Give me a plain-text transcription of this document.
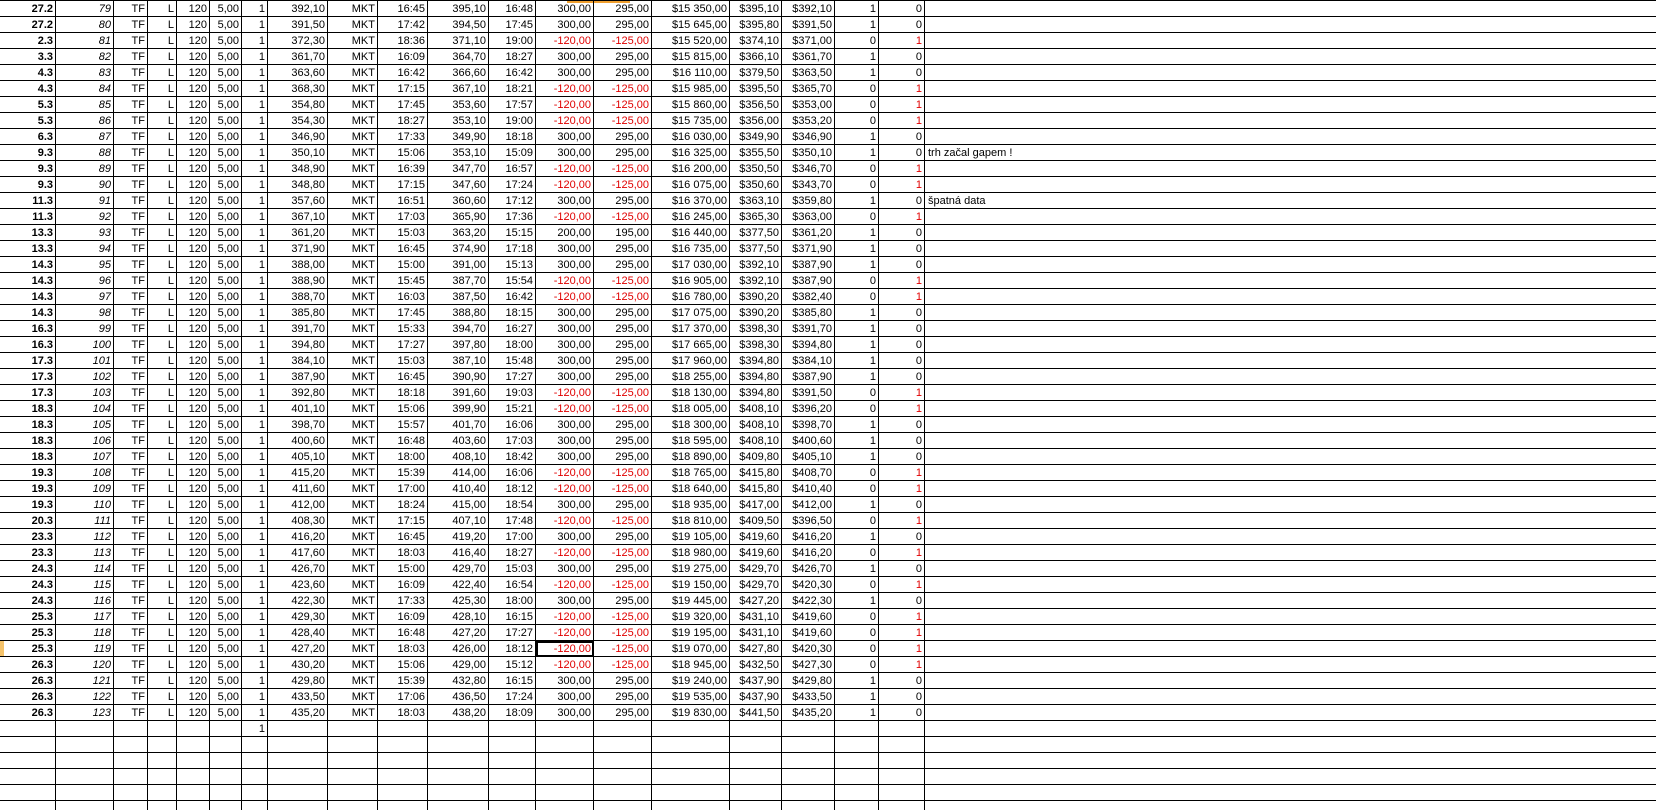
27.2	79	TF	L	120 5,00	1	392,10	MKT	16:45	395,10	16:48	300,00	295,00	$15 350,00	$395,10	$392,10	1	0
27.2	80	TF	L	120 5,00	1	391,50	MKT	17:42	394,50	17:45	300,00	295,00	$15 645,00	$395,80	$391,50	1	0
2.3	81	TF	L	120 5,00	1	372,30	MKT	18:36	371,10	19:00	-120,00	-125,00	$15 520,00	$374,10	$371,00	0	1
3.3	82	TF	L	120 5,00	1	361,70	MKT	16:09	364,70	18:27	300,00	295,00	$15 815,00	$366,10	$361,70	1	0
4.3	83	TF	L	120 5,00	1	363,60	MKT	16:42	366,60	16:42	300,00	295,00	$16 110,00	$379,50	$363,50	1	0
4.3	84	TF	L	120 5,00	1	368,30	MKT	17:15	367,10	18:21	-120,00	-125,00	$15 985,00	$395,50	$365,70	0	1
5.3	85	TF	L	120 5,00	1	354,80	MKT	17:45	353,60	17:57	-120,00	-125,00	$15 860,00	$356,50	$353,00	0	1
5.3	86	TF	L	120 5,00	1	354,30	MKT	18:27	353,10	19:00	-120,00	-125,00	$15 735,00	$356,00	$353,20	0	1
6.3	87	TF	L	120 5,00	1	346,90	MKT	17:33	349,90	18:18	300,00	295,00	$16 030,00	$349,90	$346,90	1	0
9.3	88	TF	L	120 5,00	1	350,10	MKT	15:06	353,10	15:09	300,00	295,00	$16 325,00	$355,50	$350,10	1	0 trh začal gapem !
9.3	89	TF	L	120 5,00	1	348,90	MKT	16:39	347,70	16:57	-120,00	-125,00	$16 200,00	$350,50	$346,70	0	1
9.3	90	TF	L	120 5,00	1	348,80	MKT	17:15	347,60	17:24	-120,00	-125,00	$16 075,00	$350,60	$343,70	0	1
11.3	91	TF	L	120 5,00	1	357,60	MKT	16:51	360,60	17:12	300,00	295,00	$16 370,00	$363,10	$359,80	1	0 špatná data
11.3	92	TF	L	120 5,00	1	367,10	MKT	17:03	365,90	17:36	-120,00	-125,00	$16 245,00	$365,30	$363,00	0	1
13.3	93	TF	L	120 5,00	1	361,20	MKT	15:03	363,20	15:15	200,00	195,00	$16 440,00	$377,50	$361,20	1	0
13.3	94	TF	L	120 5,00	1	371,90	MKT	16:45	374,90	17:18	300,00	295,00	$16 735,00	$377,50	$371,90	1	0
14.3	95	TF	L	120 5,00	1	388,00	MKT	15:00	391,00	15:13	300,00	295,00	$17 030,00	$392,10	$387,90	1	0
14.3	96	TF	L	120 5,00	1	388,90	MKT	15:45	387,70	15:54	-120,00	-125,00	$16 905,00	$392,10	$387,90	0	1
14.3	97	TF	L	120 5,00	1	388,70	MKT	16:03	387,50	16:42	-120,00	-125,00	$16 780,00	$390,20	$382,40	0	1
14.3	98	TF	L	120 5,00	1	385,80	MKT	17:45	388,80	18:15	300,00	295,00	$17 075,00	$390,20	$385,80	1	0
16.3	99	TF	L	120 5,00	1	391,70	MKT	15:33	394,70	16:27	300,00	295,00	$17 370,00	$398,30	$391,70	1	0
16.3	100	TF	L	120 5,00	1	394,80	MKT	17:27	397,80	18:00	300,00	295,00	$17 665,00	$398,30	$394,80	1	0
17.3	101	TF	L	120 5,00	1	384,10	MKT	15:03	387,10	15:48	300,00	295,00	$17 960,00	$394,80	$384,10	1	0
17.3	102	TF	L	120 5,00	1	387,90	MKT	16:45	390,90	17:27	300,00	295,00	$18 255,00	$394,80	$387,90	1	0
17.3	103	TF	L	120 5,00	1	392,80	MKT	18:18	391,60	19:03	-120,00	-125,00	$18 130,00	$394,80	$391,50	0	1
18.3	104	TF	L	120 5,00	1	401,10	MKT	15:06	399,90	15:21	-120,00	-125,00	$18 005,00	$408,10	$396,20	0	1
18.3	105	TF	L	120 5,00	1	398,70	MKT	15:57	401,70	16:06	300,00	295,00	$18 300,00	$408,10	$398,70	1	0
18.3	106	TF	L	120 5,00	1	400,60	MKT	16:48	403,60	17:03	300,00	295,00	$18 595,00	$408,10	$400,60	1	0
18.3	107	TF	L	120 5,00	1	405,10	MKT	18:00	408,10	18:42	300,00	295,00	$18 890,00	$409,80	$405,10	1	0
19.3	108	TF	L	120 5,00	1	415,20	MKT	15:39	414,00	16:06	-120,00	-125,00	$18 765,00	$415,80	$408,70	0	1
19.3	109	TF	L	120 5,00	1	411,60	MKT	17:00	410,40	18:12	-120,00	-125,00	$18 640,00	$415,80	$410,40	0	1
19.3	110	TF	L	120 5,00	1	412,00	MKT	18:24	415,00	18:54	300,00	295,00	$18 935,00	$417,00	$412,00	1	0
20.3	111	TF	L	120 5,00	1	408,30	MKT	17:15	407,10	17:48	-120,00	-125,00	$18 810,00	$409,50	$396,50	0	1
23.3	112	TF	L	120 5,00	1	416,20	MKT	16:45	419,20	17:00	300,00	295,00	$19 105,00	$419,60	$416,20	1	0
23.3	113	TF	L	120 5,00	1	417,60	MKT	18:03	416,40	18:27	-120,00	-125,00	$18 980,00	$419,60	$416,20	0	1
24.3	114	TF	L	120 5,00	1	426,70	MKT	15:00	429,70	15:03	300,00	295,00	$19 275,00	$429,70	$426,70	1	0
24.3	115	TF	L	120 5,00	1	423,60	MKT	16:09	422,40	16:54	-120,00	-125,00	$19 150,00	$429,70	$420,30	0	1
24.3	116	TF	L	120 5,00	1	422,30	MKT	17:33	425,30	18:00	300,00	295,00	$19 445,00	$427,20	$422,30	1	0
25.3	117	TF	L	120 5,00	1	429,30	MKT	16:09	428,10	16:15	-120,00	-125,00	$19 320,00	$431,10	$419,60	0	1
25.3	118	TF	L	120 5,00	1	428,40	MKT	16:48	427,20	17:27	-120,00	-125,00	$19 195,00	$431,10	$419,60	0	1
25.3	119	TF	L	120 5,00	1	427,20	MKT	18:03	426,00	18:12	-120,00	-125,00	$19 070,00	$427,80	$420,30	0	1
26.3	120	TF	L	120 5,00	1	430,20	MKT	15:06	429,00	15:12	-120,00	-125,00	$18 945,00	$432,50	$427,30	0	1
26.3	121	TF	L	120 5,00	1	429,80	MKT	15:39	432,80	16:15	300,00	295,00	$19 240,00	$437,90	$429,80	1	0
26.3	122	TF	L	120 5,00	1	433,50	MKT	17:06	436,50	17:24	300,00	295,00	$19 535,00	$437,90	$433,50	1	0
26.3	123	TF	L	120 5,00	1	435,20	MKT	18:03	438,20	18:09	300,00	295,00	$19 830,00	$441,50	$435,20	1	0
1
